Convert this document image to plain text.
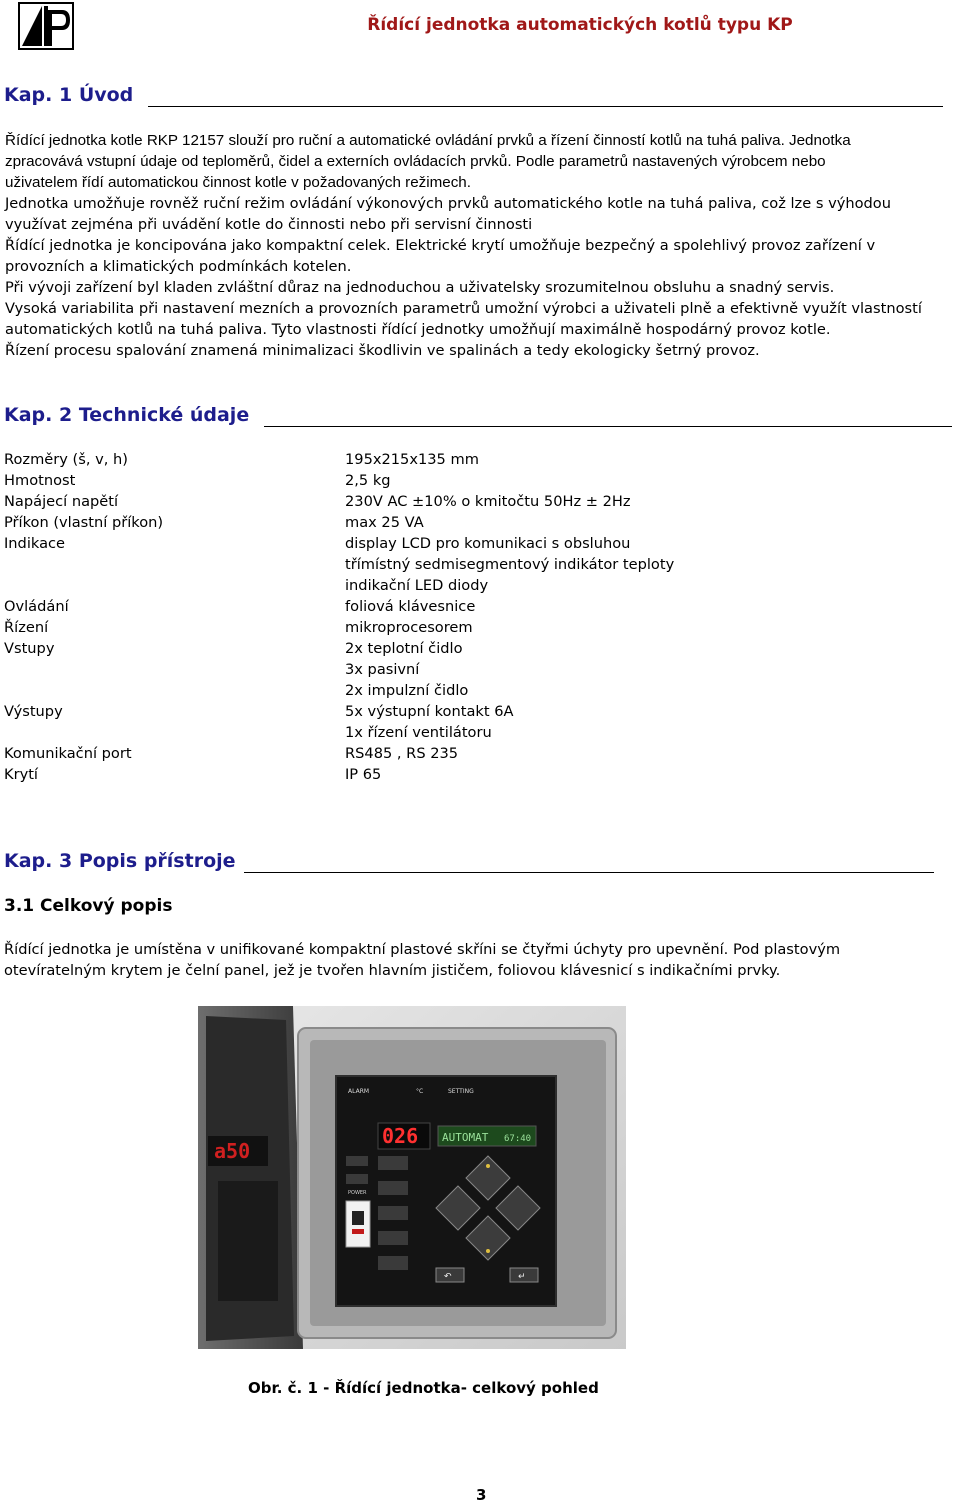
Řídící jednotka automatických kotlů typu KP
Kap. 1 Úvod
Řídící jednotka kotle RKP 12157 slouží pro ruční a automatické ovládání prvků a řízení činností kotlů na tuhá paliva. Jednotka
zpracovává vstupní údaje od teploměrů, čidel a externích ovládacích prvků. Podle parametrů nastavených výrobcem nebo
uživatelem řídí automatickou činnost kotle v požadovaných režimech.
Jednotka umožňuje rovněž ruční režim ovládání výkonových prvků automatického kotle na tuhá paliva, což lze s výhodou
využívat zejména při uvádění kotle do činnosti nebo při servisní činnosti
Řídící jednotka je koncipována jako kompaktní celek. Elektrické krytí umožňuje bezpečný a spolehlivý provoz zařízení v
provozních a klimatických podmínkách kotelen.
Při vývoji zařízení byl kladen zvláštní důraz na jednoduchou a uživatelsky srozumitelnou obsluhu a snadný servis.
Vysoká variabilita při nastavení mezních a provozních parametrů umožní výrobci a uživateli plně a efektivně využít vlastností
automatických kotlů na tuhá paliva. Tyto vlastnosti řídící jednotky umožňují maximálně hospodárný provoz kotle.
Řízení procesu spalování znamená minimalizaci škodlivin ve spalinách a tedy ekologicky šetrný provoz.
Kap. 2 Technické údaje
Rozměry (š, v, h)	195x215x135 mm
Hmotnost	2,5 kg
Napájecí napětí	230V AC ±10% o kmitočtu 50Hz ± 2Hz
Příkon (vlastní příkon)	max 25 VA
Indikace	display LCD pro komunikaci s obsluhou
třímístný sedmisegmentový indikátor teploty
indikační LED diody
Ovládání	foliová klávesnice
Řízení	mikroprocesorem
Vstupy	2x teplotní čidlo
3x pasivní
2x impulzní čidlo
Výstupy	5x výstupní kontakt 6A
1x řízení ventilátoru
Komunikační port	RS485 , RS 235
Krytí	IP 65
Kap. 3 Popis přístroje
3.1 Celkový popis
Řídící jednotka je umístěna v unifikované kompaktní plastové skříni se čtyřmi úchyty pro upevnění. Pod plastovým
otevíratelným krytem je čelní panel, jež je tvořen hlavním jističem, foliovou klávesnicí s indikačními prvky.
a50
ALARM	°C	SETTING
026 AUTOMAT 67:40
POWER
↶	↵
Obr. č. 1 - Řídící jednotka- celkový pohled
3
